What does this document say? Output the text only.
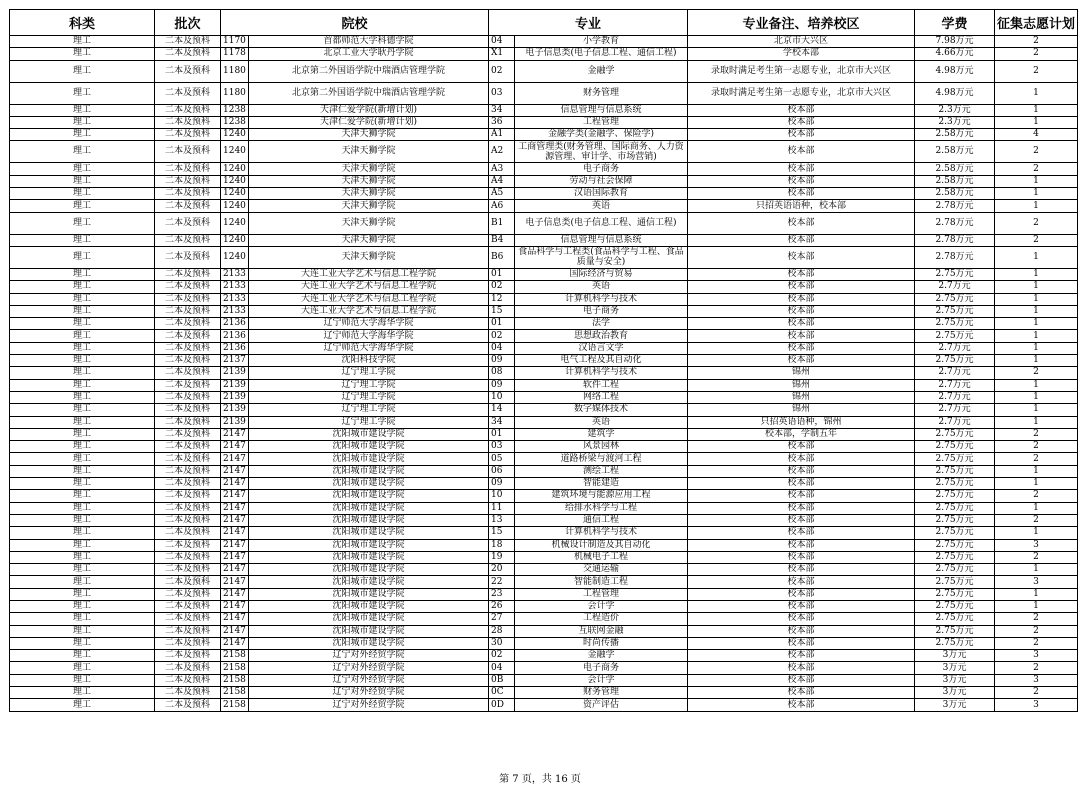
科类	批次	院校		专业		专业备注、培养校区	学费	征集志愿计划
理工	二本及预科	1170	首都师范大学科德学院	04	小学教育	北京市大兴区	7.98万元	2
理工	二本及预科	1178	北京工业大学耿丹学院	X1	电子信息类(电子信息工程、通信工程)	学校本部	4.66万元	2
理工	二本及预科	1180	北京第二外国语学院中瑞酒店管理学院	02	金融学	录取时满足考生第一志愿专业，北京市大兴区	4.98万元	2
理工	二本及预科	1180	北京第二外国语学院中瑞酒店管理学院	03	财务管理	录取时满足考生第一志愿专业，北京市大兴区	4.98万元	1
理工	二本及预科	1238	天津仁爱学院(新增计划)	34	信息管理与信息系统	校本部	2.3万元	1
理工	二本及预科	1238	天津仁爱学院(新增计划)	36	工程管理	校本部	2.3万元	1
理工	二本及预科	1240	天津天狮学院	A1	金融学类(金融学、保险学)	校本部	2.58万元	4
理工	二本及预科	1240	天津天狮学院	A2	工商管理类(财务管理、国际商务、人力资源管理、审计学、市场营销)	校本部	2.58万元	2
理工	二本及预科	1240	天津天狮学院	A3	电子商务	校本部	2.58万元	2
理工	二本及预科	1240	天津天狮学院	A4	劳动与社会保障	校本部	2.58万元	1
理工	二本及预科	1240	天津天狮学院	A5	汉语国际教育	校本部	2.58万元	1
理工	二本及预科	1240	天津天狮学院	A6	英语	只招英语语种，校本部	2.78万元	1
理工	二本及预科	1240	天津天狮学院	B1	电子信息类(电子信息工程、通信工程)	校本部	2.78万元	2
理工	二本及预科	1240	天津天狮学院	B4	信息管理与信息系统	校本部	2.78万元	2
理工	二本及预科	1240	天津天狮学院	B6	食品科学与工程类(食品科学与工程、食品质量与安全)	校本部	2.78万元	1
理工	二本及预科	2133	大连工业大学艺术与信息工程学院	01	国际经济与贸易	校本部	2.75万元	1
理工	二本及预科	2133	大连工业大学艺术与信息工程学院	02	英语	校本部	2.7万元	1
理工	二本及预科	2133	大连工业大学艺术与信息工程学院	12	计算机科学与技术	校本部	2.75万元	1
理工	二本及预科	2133	大连工业大学艺术与信息工程学院	15	电子商务	校本部	2.75万元	1
理工	二本及预科	2136	辽宁师范大学海华学院	01	法学	校本部	2.75万元	1
理工	二本及预科	2136	辽宁师范大学海华学院	02	思想政治教育	校本部	2.75万元	1
理工	二本及预科	2136	辽宁师范大学海华学院	04	汉语言文学	校本部	2.7万元	1
理工	二本及预科	2137	沈阳科技学院	09	电气工程及其自动化	校本部	2.75万元	1
理工	二本及预科	2139	辽宁理工学院	08	计算机科学与技术	锦州	2.7万元	2
理工	二本及预科	2139	辽宁理工学院	09	软件工程	锦州	2.7万元	1
理工	二本及预科	2139	辽宁理工学院	10	网络工程	锦州	2.7万元	1
理工	二本及预科	2139	辽宁理工学院	14	数字媒体技术	锦州	2.7万元	1
理工	二本及预科	2139	辽宁理工学院	34	英语	只招英语语种，锦州	2.7万元	1
理工	二本及预科	2147	沈阳城市建设学院	01	建筑学	校本部，学制五年	2.75万元	2
理工	二本及预科	2147	沈阳城市建设学院	03	风景园林	校本部	2.75万元	2
理工	二本及预科	2147	沈阳城市建设学院	05	道路桥梁与渡河工程	校本部	2.75万元	2
理工	二本及预科	2147	沈阳城市建设学院	06	测绘工程	校本部	2.75万元	1
理工	二本及预科	2147	沈阳城市建设学院	09	智能建造	校本部	2.75万元	1
理工	二本及预科	2147	沈阳城市建设学院	10	建筑环境与能源应用工程	校本部	2.75万元	2
理工	二本及预科	2147	沈阳城市建设学院	11	给排水科学与工程	校本部	2.75万元	1
理工	二本及预科	2147	沈阳城市建设学院	13	通信工程	校本部	2.75万元	2
理工	二本及预科	2147	沈阳城市建设学院	15	计算机科学与技术	校本部	2.75万元	1
理工	二本及预科	2147	沈阳城市建设学院	18	机械设计制造及其自动化	校本部	2.75万元	3
理工	二本及预科	2147	沈阳城市建设学院	19	机械电子工程	校本部	2.75万元	2
理工	二本及预科	2147	沈阳城市建设学院	20	交通运输	校本部	2.75万元	1
理工	二本及预科	2147	沈阳城市建设学院	22	智能制造工程	校本部	2.75万元	3
理工	二本及预科	2147	沈阳城市建设学院	23	工程管理	校本部	2.75万元	1
理工	二本及预科	2147	沈阳城市建设学院	26	会计学	校本部	2.75万元	1
理工	二本及预科	2147	沈阳城市建设学院	27	工程造价	校本部	2.75万元	2
理工	二本及预科	2147	沈阳城市建设学院	28	互联网金融	校本部	2.75万元	2
理工	二本及预科	2147	沈阳城市建设学院	30	时尚传播	校本部	2.75万元	2
理工	二本及预科	2158	辽宁对外经贸学院	02	金融学	校本部	3万元	3
理工	二本及预科	2158	辽宁对外经贸学院	04	电子商务	校本部	3万元	2
理工	二本及预科	2158	辽宁对外经贸学院	0B	会计学	校本部	3万元	3
理工	二本及预科	2158	辽宁对外经贸学院	0C	财务管理	校本部	3万元	2
理工	二本及预科	2158	辽宁对外经贸学院	0D	资产评估	校本部	3万元	3
第 7 页，共 16 页
